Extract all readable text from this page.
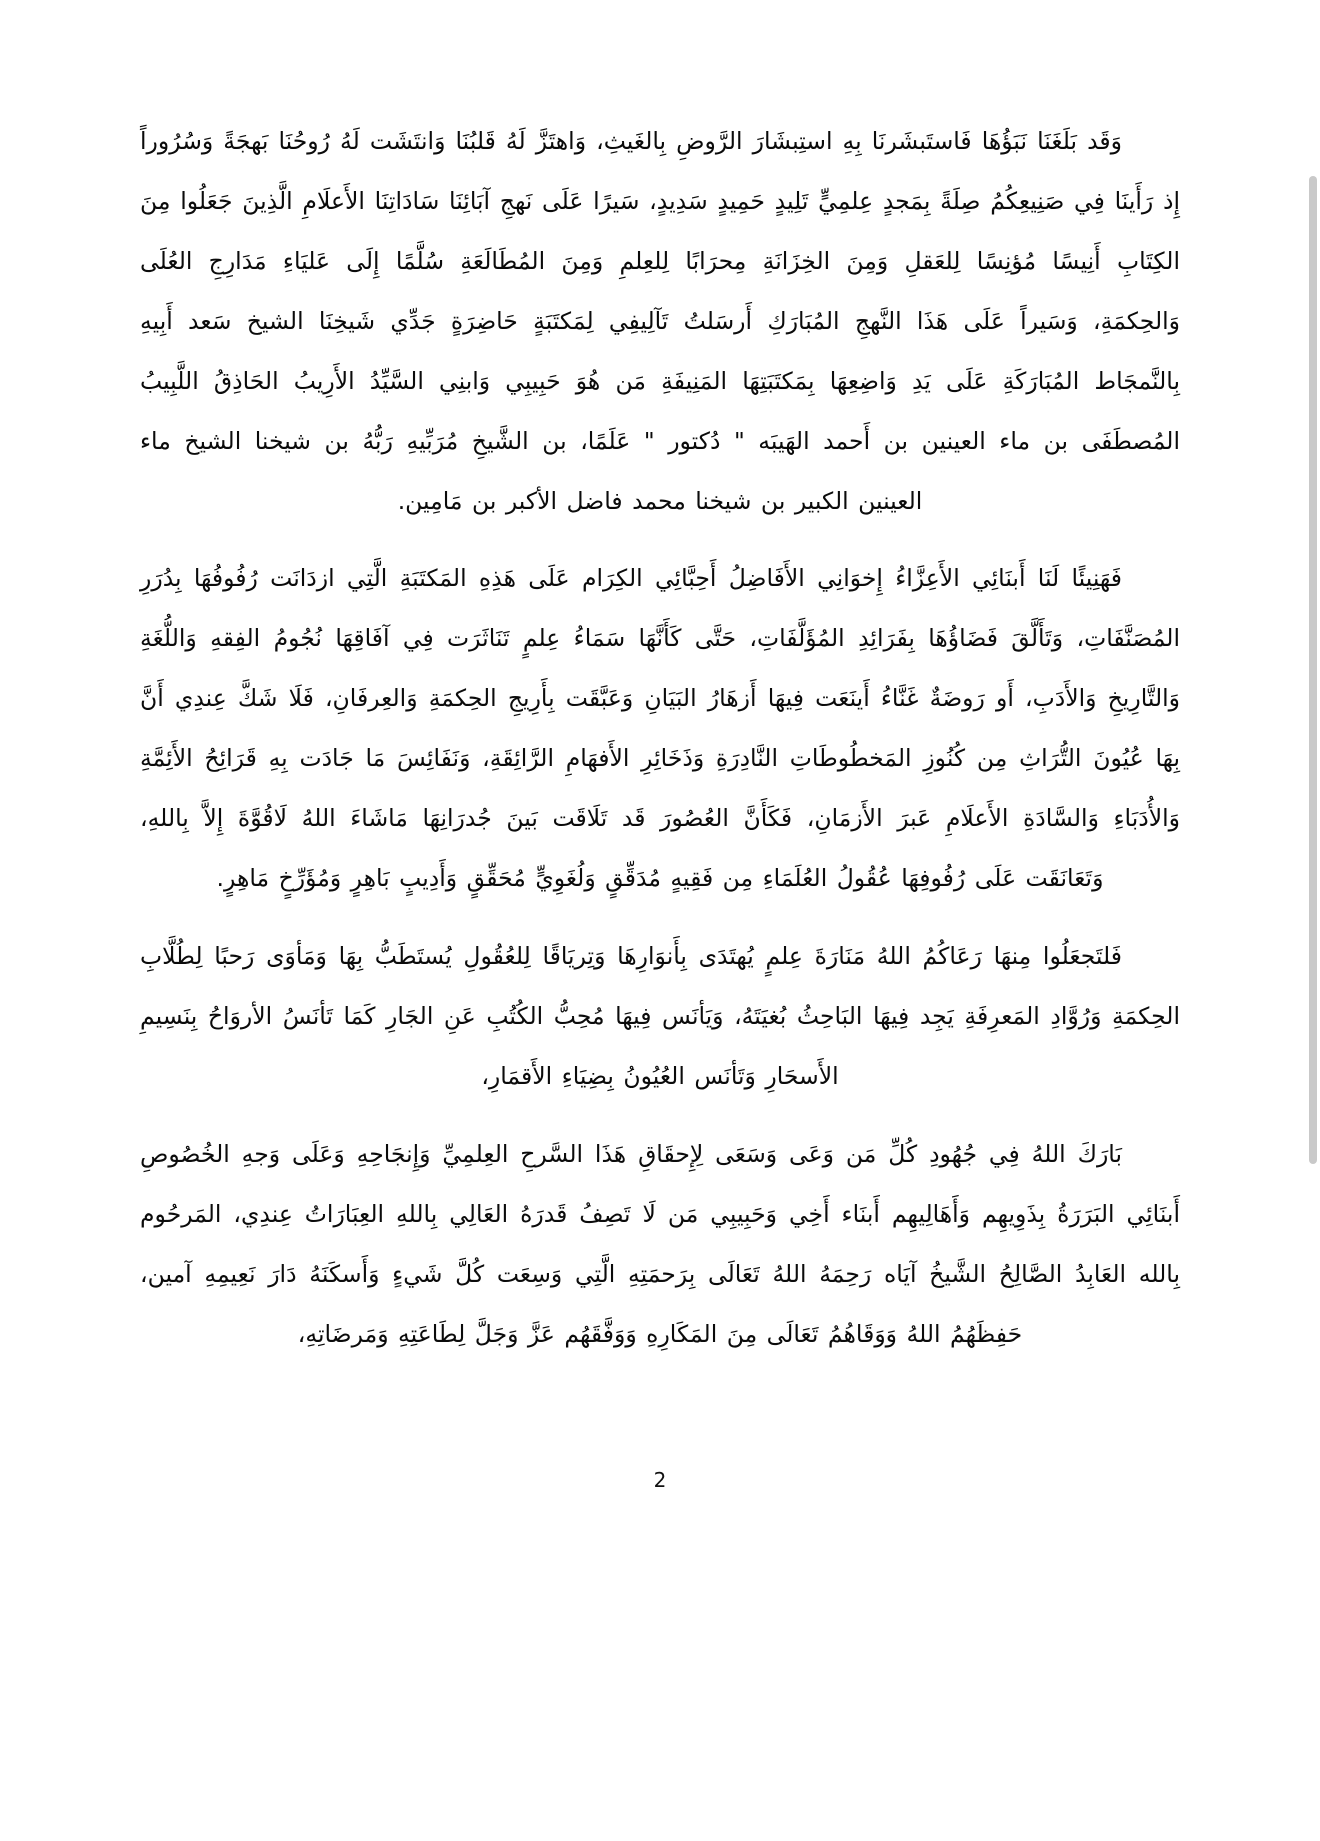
وَقَد بَلَغَنَا نَبَؤُهَا فَاستَبشَرنَا بِهِ استِبشَارَ الرَّوضِ بِالغَيثِ، وَاهتَزَّ لَهُ قَلبُنَا وَانتَشَت لَهُ رُوحُنَا بَهجَةً وَسُرُوراً إِذ رَأَينَا فِي صَنِيعِكُمُ صِلَةً بِمَجدٍ عِلمِيٍّ تَلِيدٍ حَمِيدٍ سَدِيدٍ، سَيرًا عَلَى نَهجِ آبَائِنَا سَادَاتِنَا الأَعلَامِ الَّذِينَ جَعَلُوا مِنَ الكِتَابِ أَنِيسًا مُؤنِسًا لِلعَقلِ وَمِنَ الخِزَانَةِ مِحرَابًا لِلعِلمِ وَمِنَ المُطَالَعَةِ سُلَّمًا إِلَى عَليَاءِ مَدَارِجِ العُلَى وَالحِكمَةِ، وَسَيراً عَلَى هَذَا النَّهجِ المُبَارَكِ أَرسَلتُ تَآلِيفِي لِمَكتَبَةٍ حَاضِرَةٍ جَدِّي شَيخِنَا الشيخ سَعد أَبِيهِ بِالنَّمجَاط المُبَارَكَةِ عَلَى يَدِ وَاضِعِهَا بِمَكتَبَتِهَا المَنِيفَةِ مَن هُوَ حَبِيبِي وَابنِي السَّيِّدُ الأَرِيبُ الحَاذِقُ اللَّبِيبُ المُصطَفَى بن ماء العينين بن أَحمد الهَيبَه " دُكتور " عَلَمًا، بن الشَّيخِ مُرَبِّيهِ رَبُّهُ بن شيخنا الشيخ ماء العينين الكبير بن شيخنا محمد فاضل الأكبر بن مَامِين.

فَهَنِيئًا لَنَا أَبنَائِي الأَعِزَّاءُ إِخوَانِي الأَفَاضِلُ أَحِبَّائِي الكِرَام عَلَى هَذِهِ المَكتَبَةِ الَّتِي ازدَانَت رُفُوفُهَا بِدُرَرِ المُصَنَّفَاتِ، وَتَأَلَّقَ فَضَاؤُهَا بِفَرَائِدِ المُؤَلَّفَاتِ، حَتَّى كَأَنَّهَا سَمَاءُ عِلمٍ تَنَاثَرَت فِي آفَاقِهَا نُجُومُ الفِقهِ وَاللُّغَةِ وَالتَّارِيخِ وَالأَدَبِ، أَو رَوضَةٌ غَنَّاءُ أَينَعَت فِيهَا أَزهَارُ البَيَانِ وَعَبَّقَت بِأَرِيجِ الحِكمَةِ وَالعِرفَانِ، فَلَا شَكَّ عِندِي أَنَّ بِهَا عُيُونَ التُّرَاثِ مِن كُنُوزِ المَخطُوطَاتِ النَّادِرَةِ وَذَخَائِرِ الأَفهَامِ الرَّائِقَةِ، وَنَفَائِسَ مَا جَادَت بِهِ قَرَائِحُ الأَئِمَّةِ وَالأُدَبَاءِ وَالسَّادَةِ الأَعلَامِ عَبرَ الأَزمَانِ، فَكَأَنَّ العُصُورَ قَد تَلَاقَت بَينَ جُدرَانِهَا مَاشَاءَ اللهُ لَاقُوَّةَ إِلاَّ بِاللهِ، وَتَعَانَقَت عَلَى رُفُوفِهَا عُقُولُ العُلَمَاءِ مِن فَقِيهٍ مُدَقِّقٍ وَلُغَوِيٍّ مُحَقِّقٍ وَأَدِيبٍ بَاهِرٍ وَمُؤَرِّخٍ مَاهِرٍ.

فَلتَجعَلُوا مِنهَا رَعَاكُمُ اللهُ مَنَارَةَ عِلمٍ يُهتَدَى بِأَنوَارِهَا وَتِريَاقًا لِلعُقُولِ يُستَطَبُّ بِهَا وَمَأوَى رَحبًا لِطُلَّابِ الحِكمَةِ وَرُوَّادِ المَعرِفَةِ يَجِد فِيهَا البَاحِثُ بُغيَتَهُ، وَيَأنَس فِيهَا مُحِبُّ الكُتُبِ عَنِ الجَارِ كَمَا تَأنَسُ الأروَاحُ بِنَسِيمِ الأَسحَارِ وَتَأنَس العُيُونُ بِضِيَاءِ الأَقمَارِ،

بَارَكَ اللهُ فِي جُهُودِ كُلِّ مَن وَعَى وَسَعَى لِإِحقَاقِ هَذَا السَّرحِ العِلمِيِّ وَإِنجَاحِهِ وَعَلَى وَجهِ الخُصُوصِ أَبنَائِي البَرَرَةُ بِذَوِيهِم وَأَهَالِيهِم أَبنَاء أَخِي وَحَبِيبِي مَن لَا تَصِفُ قَدرَهُ العَالِي بِاللهِ العِبَارَاتُ عِندِي، المَرحُوم بِالله العَابِدُ الصَّالِحُ الشَّيخُ آيَاه رَحِمَهُ اللهُ تَعَالَى بِرَحمَتِهِ الَّتِي وَسِعَت كُلَّ شَيءٍ وَأَسكَنَهُ دَارَ نَعِيمِهِ آمين، حَفِظَهُمُ اللهُ وَوَقَاهُمُ تَعَالَى مِنَ المَكَارِهِ وَوَفَّقَهُم عَزَّ وَجَلَّ لِطَاعَتِهِ وَمَرضَاتِهِ،

2
